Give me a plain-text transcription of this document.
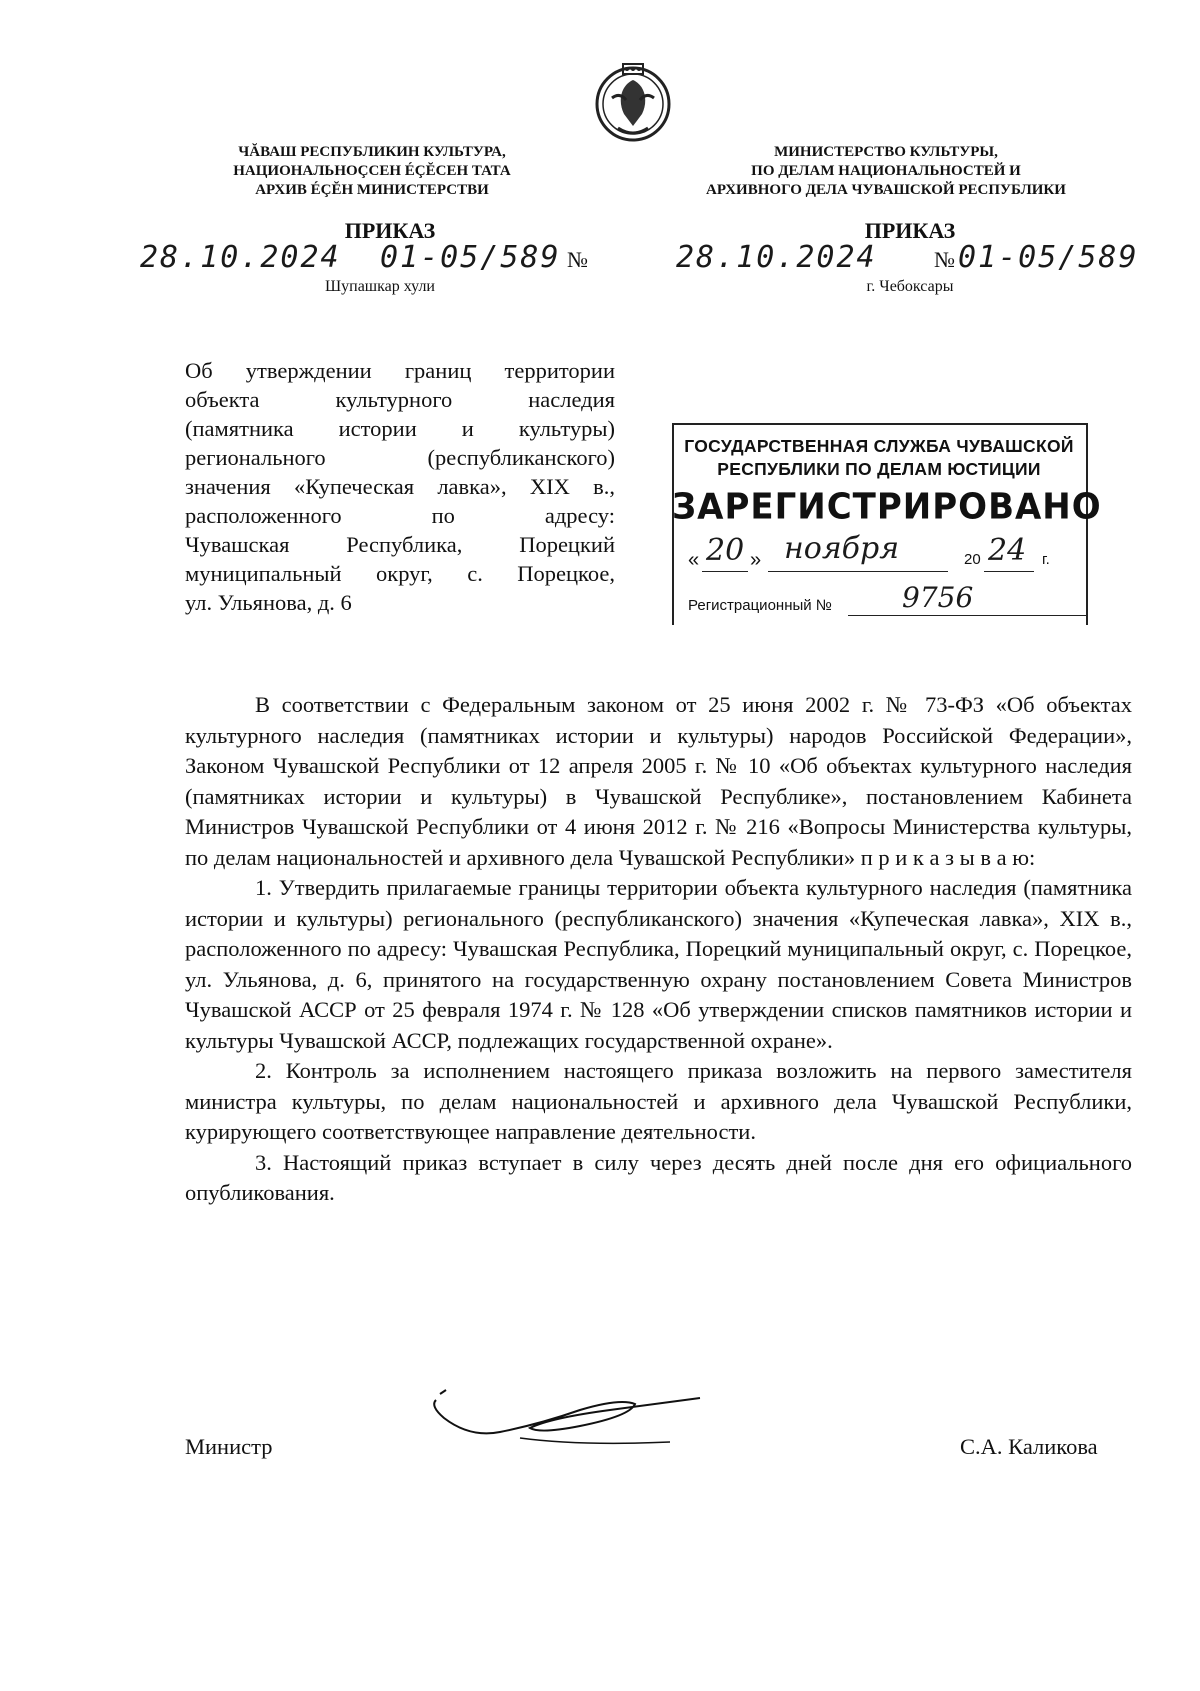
ЧĂВАШ РЕСПУБЛИКИН КУЛЬТУРА,
НАЦИОНАЛЬНОÇСЕН ÉÇĔСЕН ТАТА
АРХИВ ÉÇĔН МИНИСТЕРСТВИ
МИНИСТЕРСТВО КУЛЬТУРЫ,
ПО ДЕЛАМ НАЦИОНАЛЬНОСТЕЙ И
АРХИВНОГО ДЕЛА ЧУВАШСКОЙ РЕСПУБЛИКИ
ПРИКАЗ	ПРИКАЗ
28.10.2024 01-05/589 №
Шупашкар хули
28.10.2024	№ 01-05/589
г. Чебоксары
Об утверждении границ территории
объекта культурного наследия
(памятника истории и культуры)
регионального (республиканского)
значения «Купеческая лавка», XIX в.,
расположенного по адресу:
Чувашская Республика, Порецкий
муниципальный округ, с. Порецкое,
ул. Ульянова, д. 6
ГОСУДАРСТВЕННАЯ СЛУЖБА ЧУВАШСКОЙ
РЕСПУБЛИКИ ПО ДЕЛАМ ЮСТИЦИИ
ЗАРЕГИСТРИРОВАНО
« 20 » ноября	20 24 г.
Регистрационный №	9756

В соответствии с Федеральным законом от 25 июня 2002 г. № 73-ФЗ «Об объектах культурного наследия (памятниках истории и культуры) народов Российской Федерации», Законом Чувашской Республики от 12 апреля 2005 г. № 10 «Об объектах культурного наследия (памятниках истории и культуры) в Чувашской Республике», постановлением Кабинета Министров Чувашской Республики от 4 июня 2012 г. № 216 «Вопросы Министерства культуры, по делам национальностей и архивного дела Чувашской Республики» п р и к а з ы в а ю:

1. Утвердить прилагаемые границы территории объекта культурного наследия (памятника истории и культуры) регионального (республиканского) значения «Купеческая лавка», XIX в., расположенного по адресу: Чувашская Республика, Порецкий муниципальный округ, с. Порецкое, ул. Ульянова, д. 6, принятого на государственную охрану постановлением Совета Министров Чувашской АССР от 25 февраля 1974 г. № 128 «Об утверждении списков памятников истории и культуры Чувашской АССР, подлежащих государственной охране».

2. Контроль за исполнением настоящего приказа возложить на первого заместителя министра культуры, по делам национальностей и архивного дела Чувашской Республики, курирующего соответствующее направление деятельности.

3. Настоящий приказ вступает в силу через десять дней после дня его официального опубликования.

Министр	С.А. Каликова
